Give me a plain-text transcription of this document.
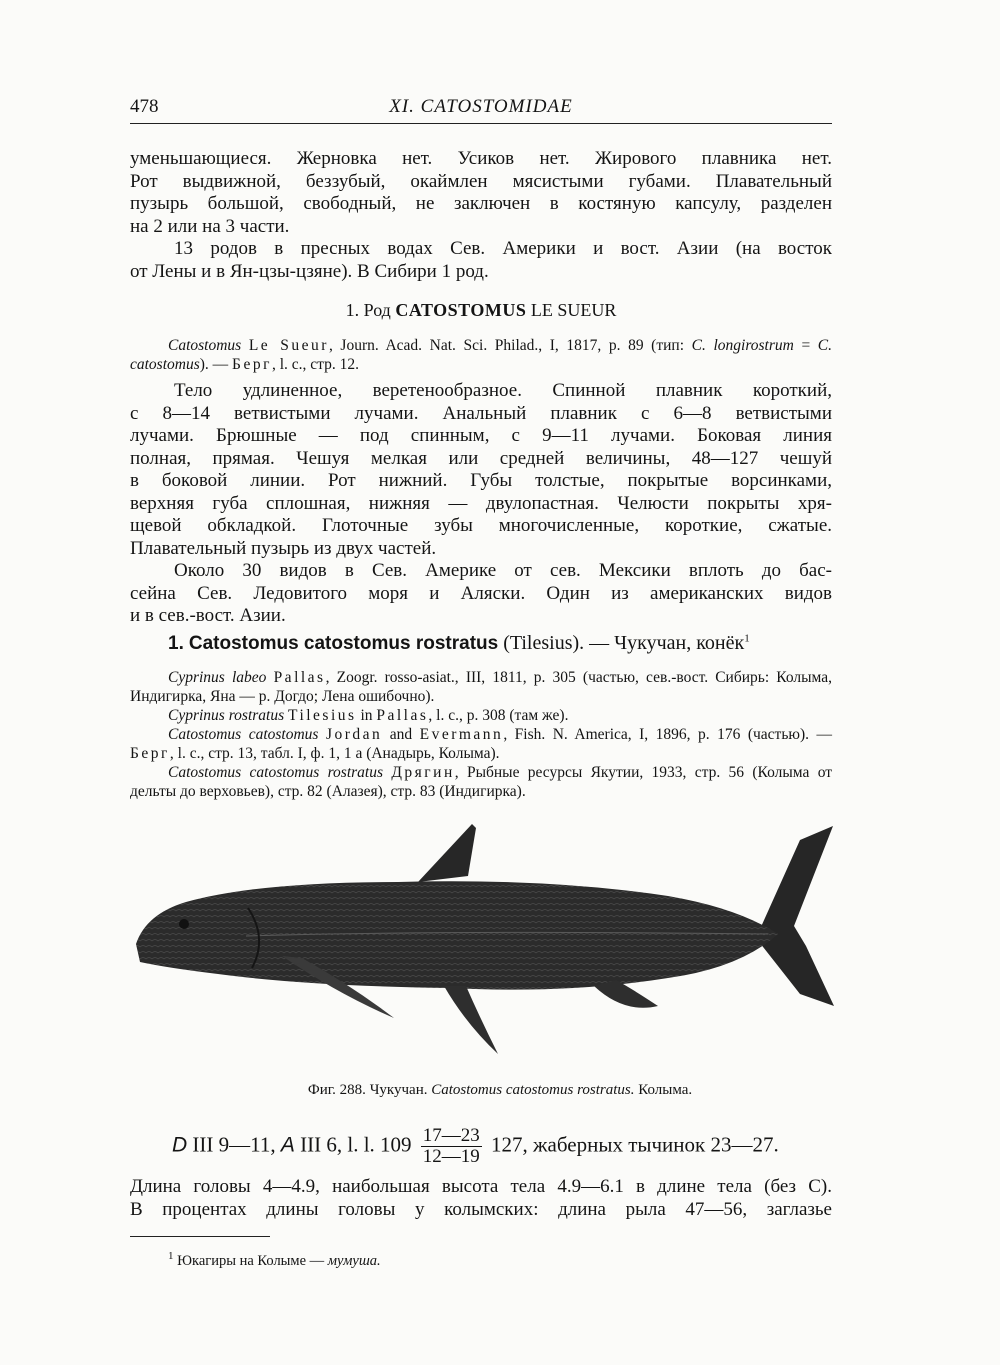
478	XI. CATOSTOMIDAE

уменьшающиеся. Жерновка нет. Усиков нет. Жирового плавника нет.
Рот выдвижной, беззубый, окаймлен мясистыми губами. Плавательный
пузырь большой, свободный, не заключен в костяную капсулу, разделен
на 2 или на 3 части.

13 родов в пресных водах Сев. Америки и вост. Азии (на восток

от Лены и в Ян-цзы-цзяне). В Сибири 1 род.

1. Род CATOSTOMUS LE SUEUR

Catostomus Le Sueur, Journ. Acad. Nat. Sci. Philad., I, 1817, p. 89 (тип: C. longirostrum = C. catostomus). — Берг, l. c., стр. 12.

Тело удлиненное, веретенообразное. Спинной плавник короткий,
с 8—14 ветвистыми лучами. Анальный плавник с 6—8 ветвистыми
лучами. Брюшные — под спинным, с 9—11 лучами. Боковая линия
полная, прямая. Чешуя мелкая или средней величины, 48—127 чешуй
в боковой линии. Рот нижний. Губы толстые, покрытые ворсинками,
верхняя губа сплошная, нижняя — двулопастная. Челюсти покрыты хря-
щевой обкладкой. Глоточные зубы многочисленные, короткие, сжатые.
Плавательный пузырь из двух частей.

Около 30 видов в Сев. Америке от сев. Мексики вплоть до бас-
сейна Сев. Ледовитого моря и Аляски. Один из американских видов
и в сев.-вост. Азии.

1. Catostomus catostomus rostratus (Tilesius). — Чукучан, конёк$^1$

Cyprinus labeo Pallas, Zoogr. rosso-asiat., III, 1811, p. 305 (частью, сев.-вост. Сибирь: Колыма, Индигирка, Яна — р. Догдо; Лена ошибочно).

Cyprinus rostratus Tilesius in Pallas, l. c., p. 308 (там же).

Catostomus catostomus Jordan and Evermann, Fish. N. America, I, 1896, p. 176 (частью). — Берг, l. c., стр. 13, табл. I, ф. 1, 1 а (Анадырь, Колыма).

Catostomus catostomus rostratus Дрягин, Рыбные ресурсы Якутии, 1933, стр. 56 (Колыма от дельты до верховьев), стр. 82 (Алазея), стр. 83 (Индигирка).

Фиг. 288. Чукучан. Catostomus catostomus rostratus. Колыма.
D III 9—11, A III 6, l. l. $109 \frac{17—23}{12—19} 127$, жаберных тычинок 23—27.

Длина головы 4—4.9, наибольшая высота тела 4.9—6.1 в длине тела (без C).
В процентах длины головы у колымских: длина рыла 47—56, заглазье

$^1$ Юкагиры на Колыме — мумуша.
